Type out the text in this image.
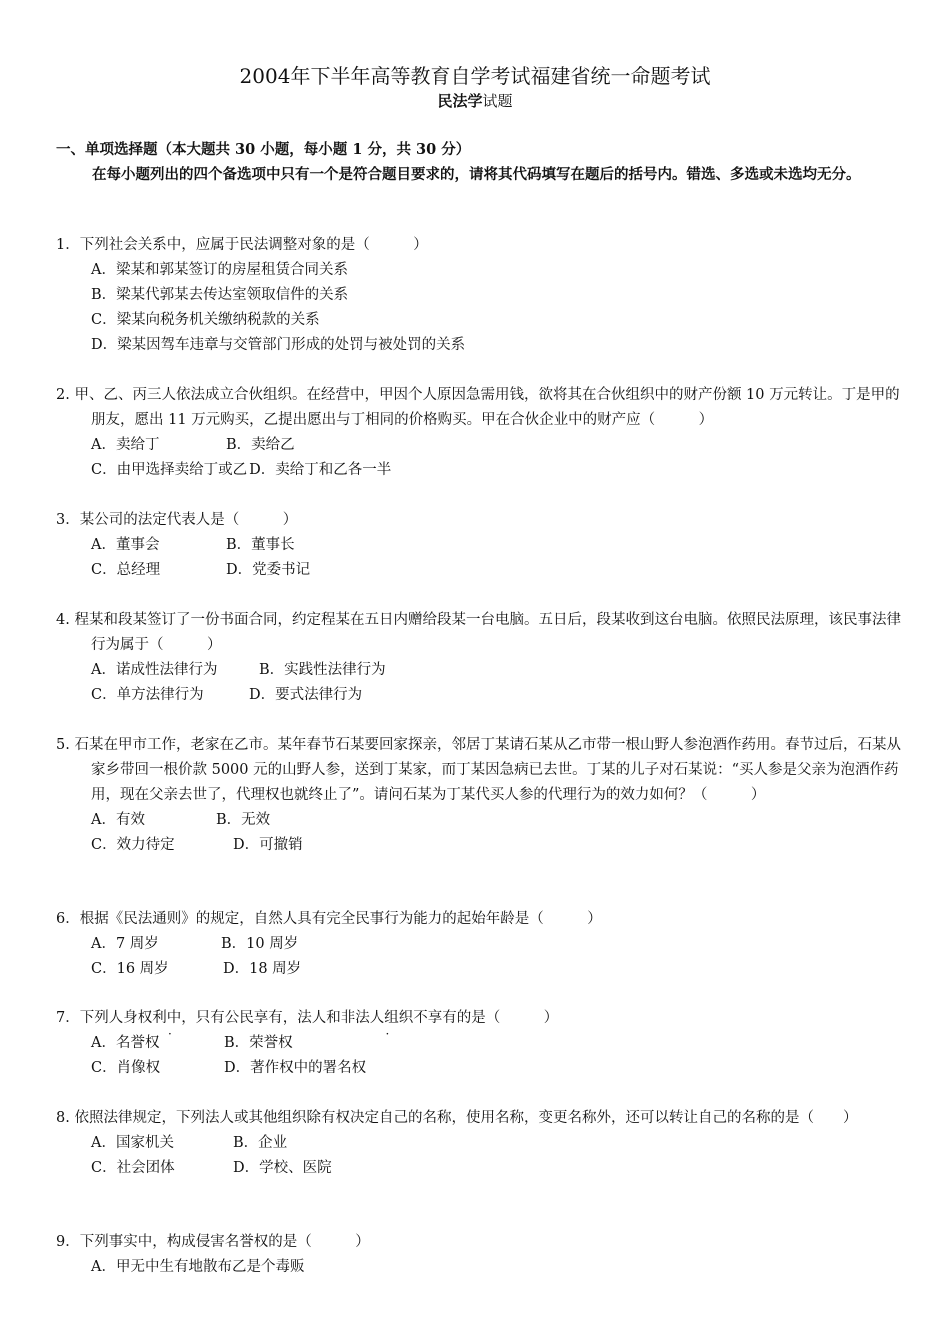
2004年下半年高等教育自学考试福建省统一命题考试
民法学试题
一、单项选择题（本大题共 30 小题，每小题 1 分，共 30 分）
在每小题列出的四个备选项中只有一个是符合题目要求的，请将其代码填写在题后的括号内。错选、多选或未选均无分。
1．下列社会关系中，应属于民法调整对象的是（　　　）
A．梁某和郭某签订的房屋租赁合同关系
B．梁某代郭某去传达室领取信件的关系
C．梁某向税务机关缴纳税款的关系
D．梁某因驾车违章与交管部门形成的处罚与被处罚的关系
2. 甲、乙、丙三人依法成立合伙组织。在经营中，甲因个人原因急需用钱，欲将其在合伙组织中的财产份额 10 万元转让。丁是甲的朋友，愿出 11 万元购买，乙提出愿出与丁相同的价格购买。甲在合伙企业中的财产应（　　　）
A．卖给丁	B．卖给乙
C．由甲选择卖给丁或乙 D．卖给丁和乙各一半
3．某公司的法定代表人是（　　　）
A．董事会	B．董事长
C．总经理	D．党委书记
4. 程某和段某签订了一份书面合同，约定程某在五日内赠给段某一台电脑。五日后，段某收到这台电脑。依照民法原理，该民事法律行为属于（　　　）
A．诺成性法律行为	B．实践性法律行为
C．单方法律行为	D．要式法律行为
5. 石某在甲市工作，老家在乙市。某年春节石某要回家探亲，邻居丁某请石某从乙市带一根山野人参泡酒作药用。春节过后，石某从家乡带回一根价款 5000 元的山野人参，送到丁某家，而丁某因急病已去世。丁某的儿子对石某说：“买人参是父亲为泡酒作药用，现在父亲去世了，代理权也就终止了”。请问石某为丁某代买人参的代理行为的效力如何？（　　　）
A．有效	B．无效
C．效力待定	D．可撤销
6．根据《民法通则》的规定，自然人具有完全民事行为能力的起始年龄是（　　　）
A．7 周岁	B．10 周岁
C．16 周岁	D．18 周岁
7．下列人身权利中，只有公民享有，法人和非法人组织不享有的是（　　　）
A．名誉权	B．荣誉权
C．肖像权	D．著作权中的署名权
8. 依照法律规定，下列法人或其他组织除有权决定自己的名称，使用名称，变更名称外，还可以转让自己的名称的是（　　）
A．国家机关	B．企业
C．社会团体	D．学校、医院
9．下列事实中，构成侵害名誉权的是（　　　）
A．甲无中生有地散布乙是个毒贩
